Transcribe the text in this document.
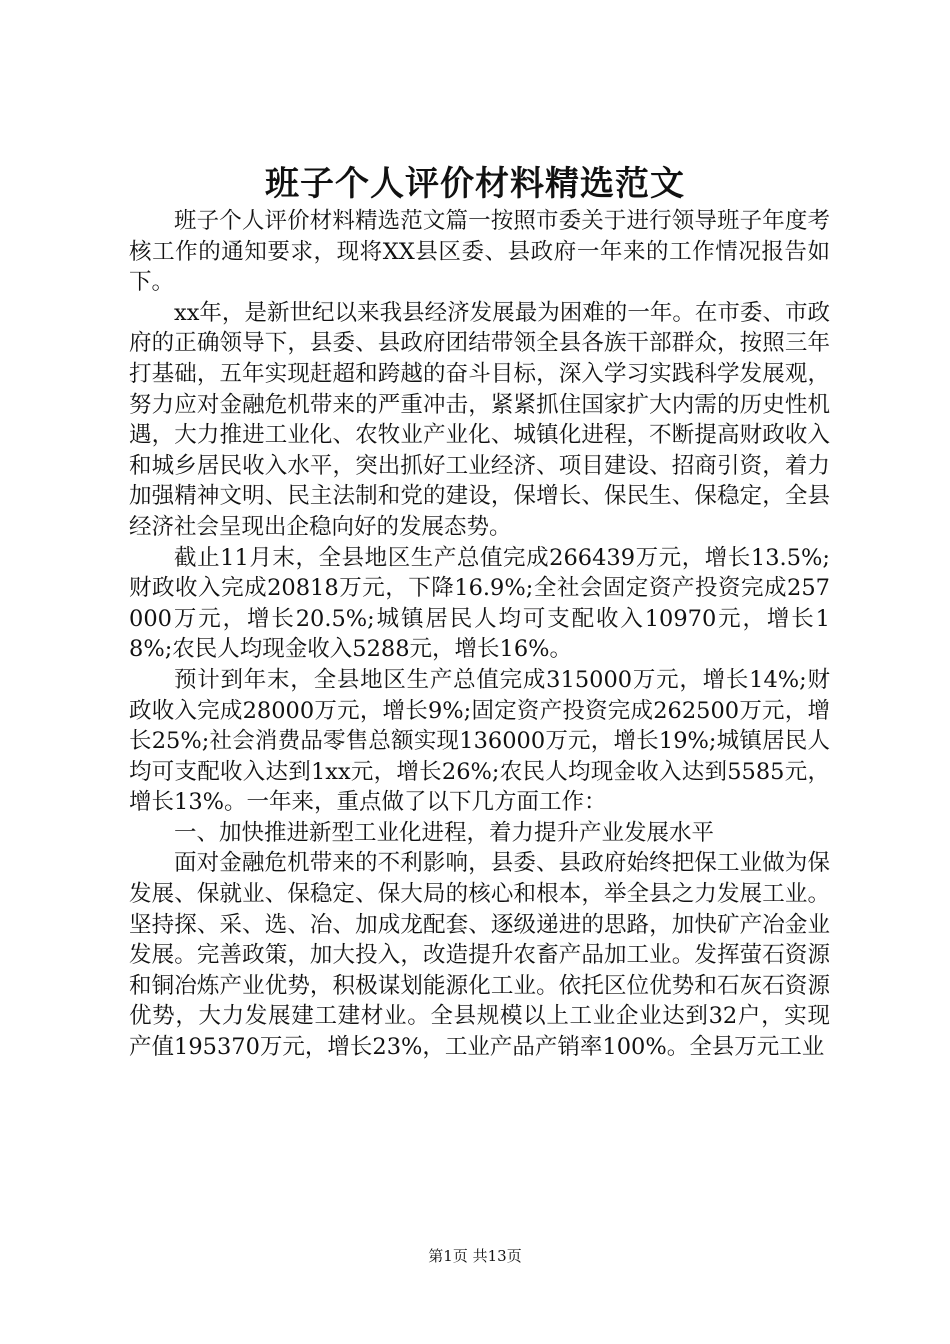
班子个人评价材料精选范文

班子个人评价材料精选范文篇一按照市委关于进行领导班子年度考核工作的通知要求，现将XX县区委、县政府一年来的工作情况报告如下。

xx年，是新世纪以来我县经济发展最为困难的一年。在市委、市政府的正确领导下，县委、县政府团结带领全县各族干部群众，按照三年打基础，五年实现赶超和跨越的奋斗目标，深入学习实践科学发展观，努力应对金融危机带来的严重冲击，紧紧抓住国家扩大内需的历史性机遇，大力推进工业化、农牧业产业化、城镇化进程，不断提高财政收入和城乡居民收入水平，突出抓好工业经济、项目建设、招商引资，着力加强精神文明、民主法制和党的建设，保增长、保民生、保稳定，全县经济社会呈现出企稳向好的发展态势。

截止11月末，全县地区生产总值完成266439万元，增长13.5%;财政收入完成20818万元，下降16.9%;全社会固定资产投资完成257000万元，增长20.5%;城镇居民人均可支配收入10970元，增长18%;农民人均现金收入5288元，增长16%。

预计到年末，全县地区生产总值完成315000万元，增长14%;财政收入完成28000万元，增长9%;固定资产投资完成262500万元，增长25%;社会消费品零售总额实现136000万元，增长19%;城镇居民人均可支配收入达到1xx元，增长26%;农民人均现金收入达到5585元，增长13%。一年来，重点做了以下几方面工作：

一、加快推进新型工业化进程，着力提升产业发展水平

面对金融危机带来的不利影响，县委、县政府始终把保工业做为保发展、保就业、保稳定、保大局的核心和根本，举全县之力发展工业。坚持探、采、选、冶、加成龙配套、逐级递进的思路，加快矿产冶金业发展。完善政策，加大投入，改造提升农畜产品加工业。发挥萤石资源和铜冶炼产业优势，积极谋划能源化工业。依托区位优势和石灰石资源优势，大力发展建工建材业。全县规模以上工业企业达到32户，实现产值195370万元，增长23%，工业产品产销率100%。全县万元工业

第1页 共13页
